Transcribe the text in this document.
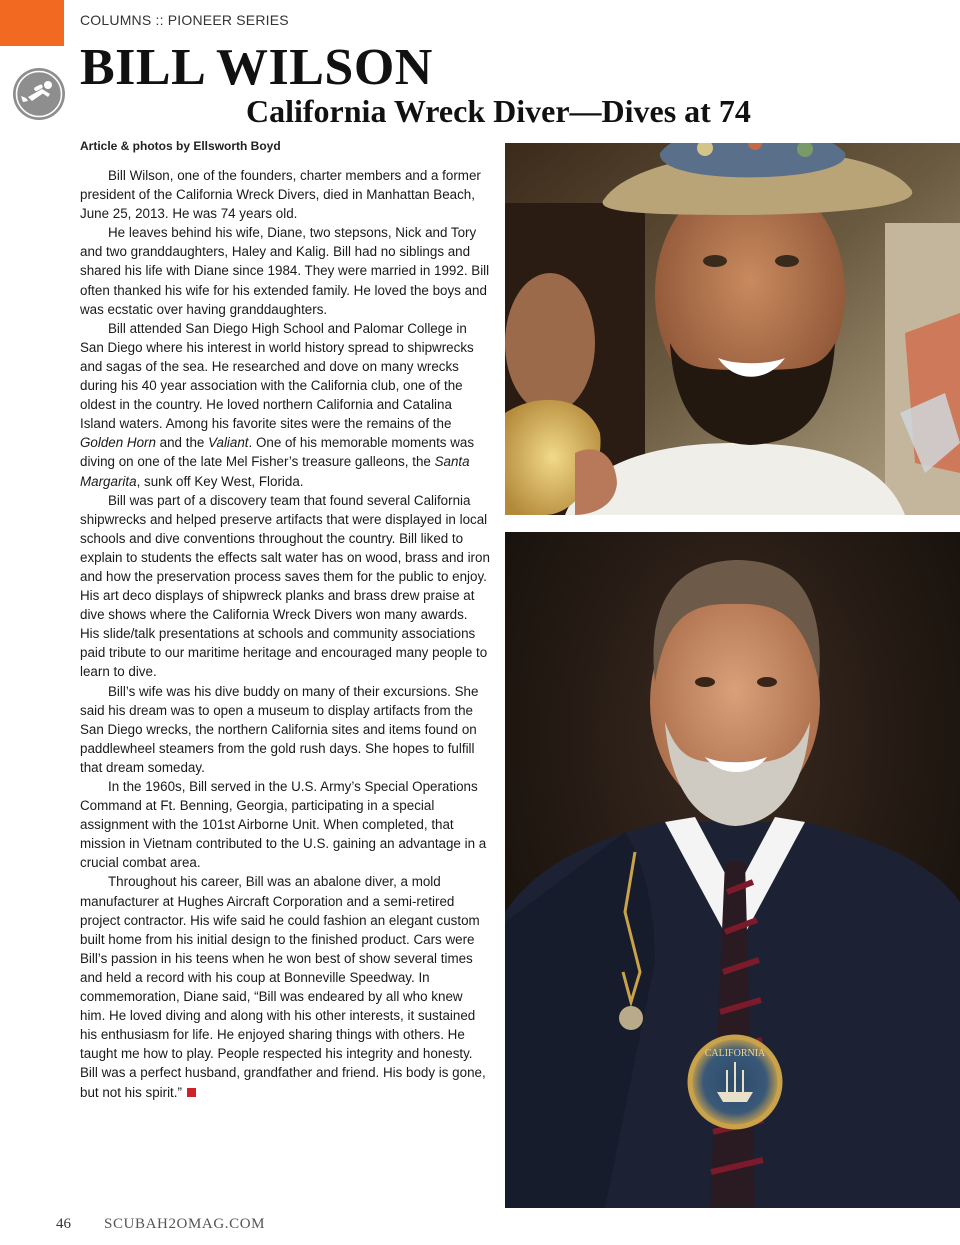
COLUMNS :: PIONEER SERIES
BILL WILSON
California Wreck Diver—Dives at 74
Article & photos by Ellsworth Boyd

Bill Wilson, one of the founders, charter members and a former president of the California Wreck Divers, died in Manhattan Beach, June 25, 2013. He was 74 years old.

He leaves behind his wife, Diane, two stepsons, Nick and Tory and two granddaughters, Haley and Kalig. Bill had no siblings and shared his life with Diane since 1984. They were married in 1992. Bill often thanked his wife for his extended family. He loved the boys and was ecstatic over having granddaughters.

Bill attended San Diego High School and Palomar College in San Diego where his interest in world history spread to shipwrecks and sagas of the sea. He researched and dove on many wrecks during his 40 year association with the California club, one of the oldest in the country. He loved northern California and Catalina Island waters. Among his favorite sites were the remains of the Golden Horn and the Valiant. One of his memorable moments was diving on one of the late Mel Fisher’s treasure galleons, the Santa Margarita, sunk off Key West, Florida.

Bill was part of a discovery team that found several California shipwrecks and helped preserve artifacts that were displayed in local schools and dive conventions throughout the country. Bill liked to explain to students the effects salt water has on wood, brass and iron and how the preservation process saves them for the public to enjoy. His art deco displays of shipwreck planks and brass drew praise at dive shows where the California Wreck Divers won many awards. His slide/talk presentations at schools and community associations paid tribute to our maritime heritage and encouraged many people to learn to dive.

Bill’s wife was his dive buddy on many of their excursions. She said his dream was to open a museum to display artifacts from the San Diego wrecks, the northern California sites and items found on paddlewheel steamers from the gold rush days. She hopes to fulfill that dream someday.

In the 1960s, Bill served in the U.S. Army’s Special Operations Command at Ft. Benning, Georgia, participating in a special assignment with the 101st Airborne Unit. When completed, that mission in Vietnam contributed to the U.S. gaining an advantage in a crucial combat area.

Throughout his career, Bill was an abalone diver, a mold manufacturer at Hughes Aircraft Corporation and a semi-retired project contractor. His wife said he could fashion an elegant custom built home from his initial design to the finished product. Cars were Bill’s passion in his teens when he won best of show several times and held a record with his coup at Bonneville Speedway. In commemoration, Diane said, “Bill was endeared by all who knew him. He loved diving and along with his other interests, it sustained his enthusiasm for life. He enjoyed sharing things with others. He taught me how to play. People respected his integrity and honesty. Bill was a perfect husband, grandfather and friend. His body is gone, but not his spirit.”

CALIFORNIA
46 SCUBAH2OMAG.COM
